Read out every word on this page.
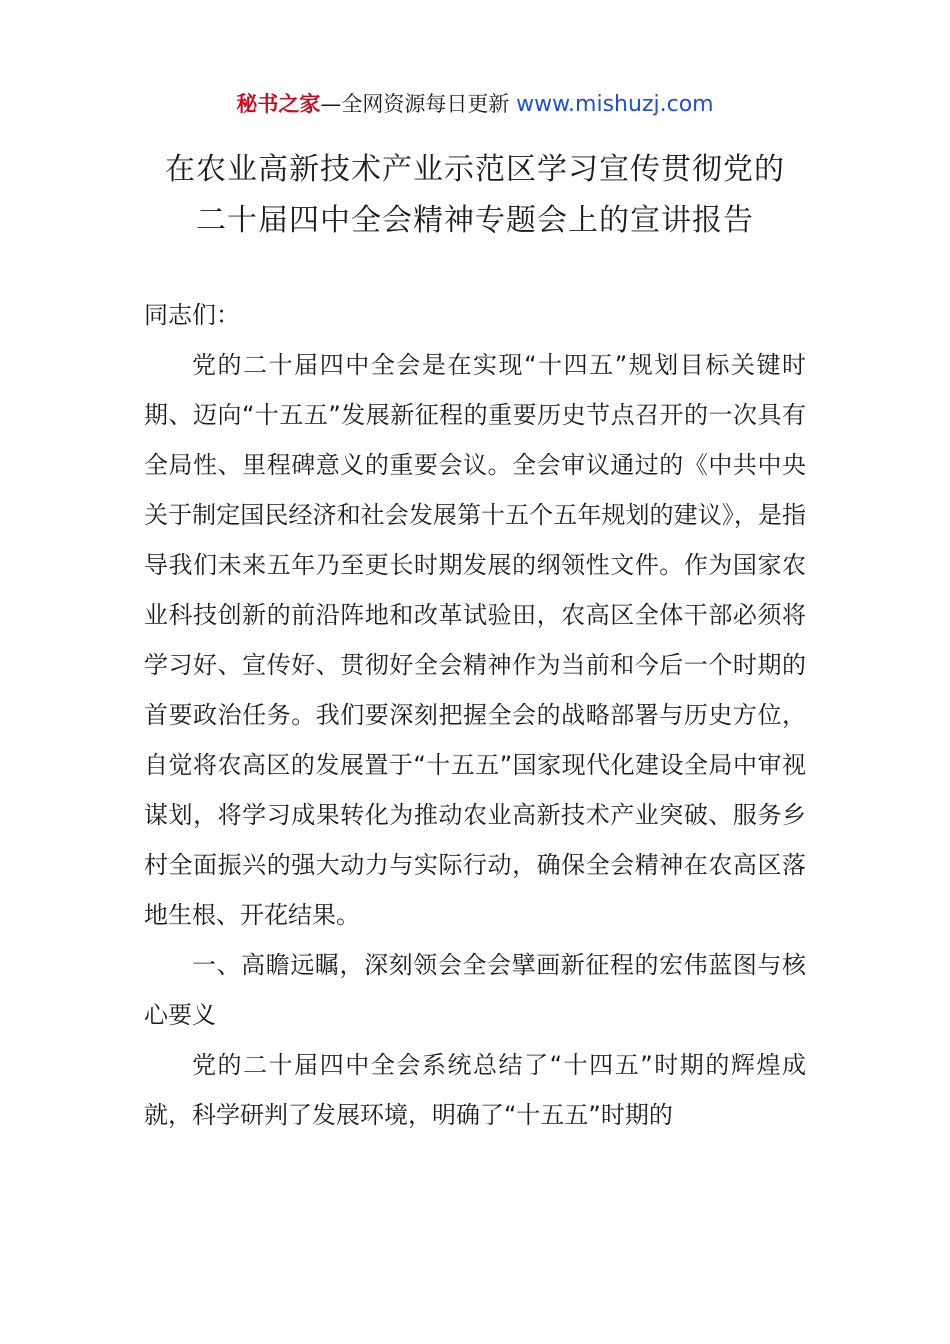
秘书之家—全网资源每日更新 www.mishuzj.com
在农业高新技术产业示范区学习宣传贯彻党的
二十届四中全会精神专题会上的宣讲报告

同志们：

党的二十届四中全会是在实现“十四五”规划目标关键时期、迈向“十五五”发展新征程的重要历史节点召开的一次具有全局性、里程碑意义的重要会议。全会审议通过的《中共中央关于制定国民经济和社会发展第十五个五年规划的建议》，是指导我们未来五年乃至更长时期发展的纲领性文件。作为国家农业科技创新的前沿阵地和改革试验田，农高区全体干部必须将学习好、宣传好、贯彻好全会精神作为当前和今后一个时期的首要政治任务。我们要深刻把握全会的战略部署与历史方位，自觉将农高区的发展置于“十五五”国家现代化建设全局中审视谋划，将学习成果转化为推动农业高新技术产业突破、服务乡村全面振兴的强大动力与实际行动，确保全会精神在农高区落地生根、开花结果。

一、高瞻远瞩，深刻领会全会擘画新征程的宏伟蓝图与核心要义

党的二十届四中全会系统总结了“十四五”时期的辉煌成就，科学研判了发展环境，明确了“十五五”时期的
